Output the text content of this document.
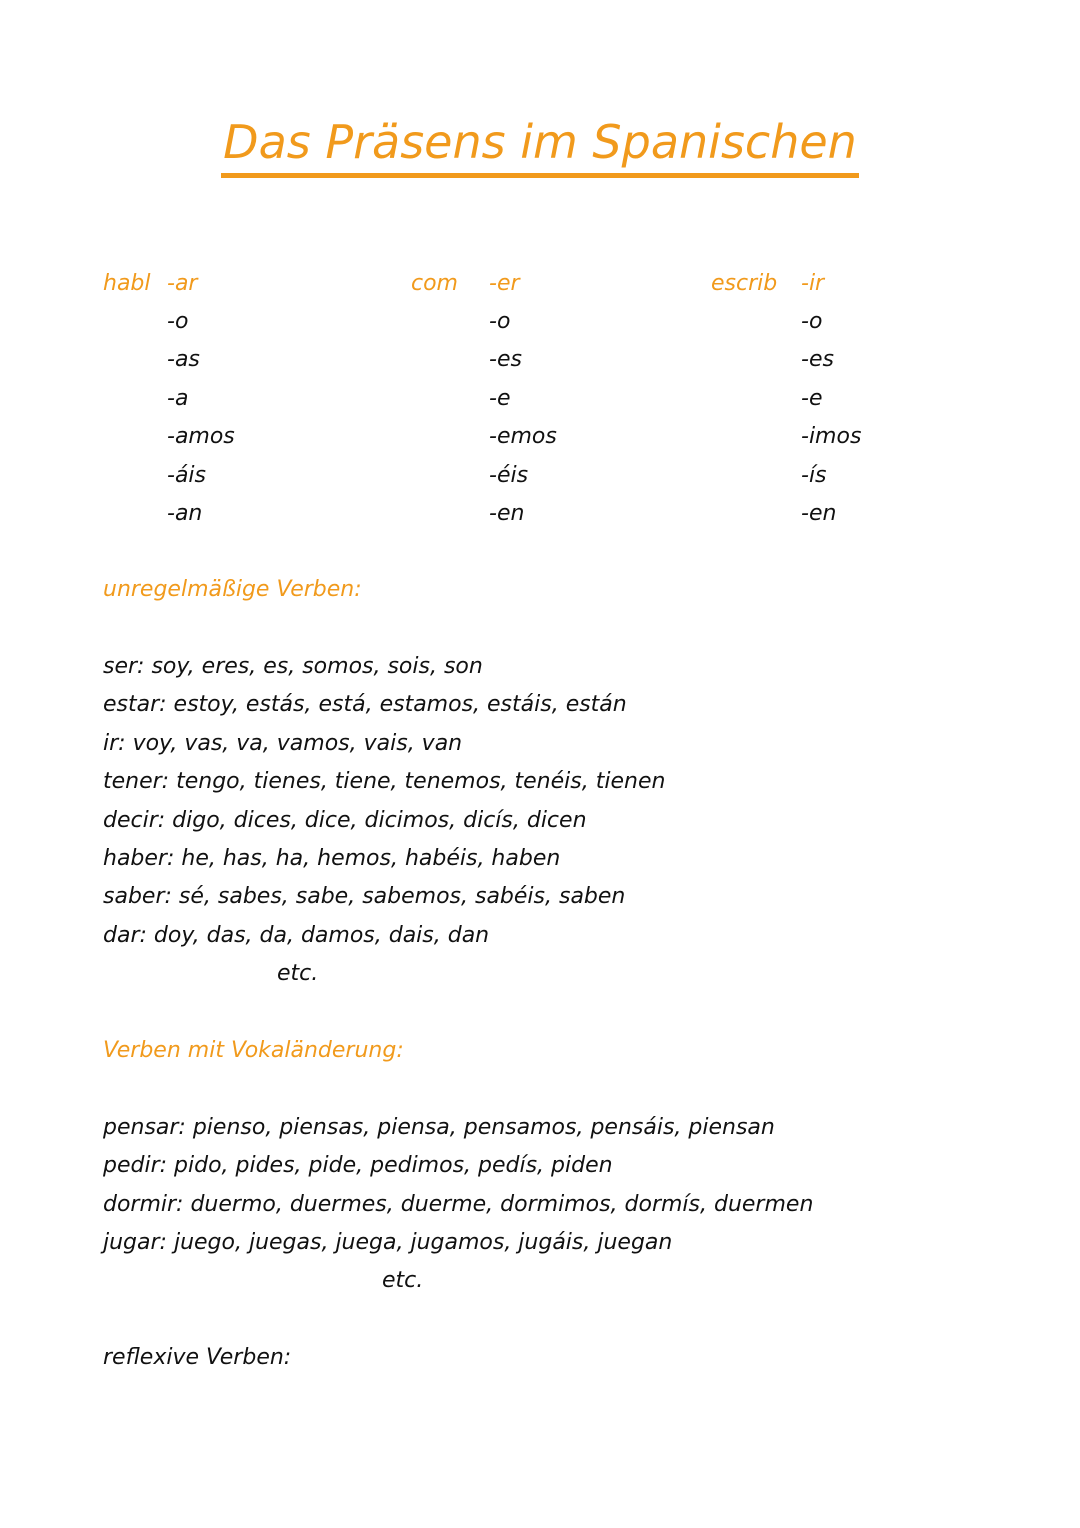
Das Präsens im Spanischen
habl -ar
-o
-as
-a
-amos
-áis
-an
com -er
-o
-es
-e
-emos
-éis
-en
escrib -ir
-o
-es
-e
-imos
-ís
-en
unregelmäßige Verben:
ser: soy, eres, es, somos, sois, son
estar: estoy, estás, está, estamos, estáis, están
ir: voy, vas, va, vamos, vais, van
tener: tengo, tienes, tiene, tenemos, tenéis, tienen
decir: digo, dices, dice, dicimos, dicís, dicen
haber: he, has, ha, hemos, habéis, haben
saber: sé, sabes, sabe, sabemos, sabéis, saben
dar: doy, das, da, damos, dais, dan
etc.
Verben mit Vokaländerung:
pensar: pienso, piensas, piensa, pensamos, pensáis, piensan
pedir: pido, pides, pide, pedimos, pedís, piden
dormir: duermo, duermes, duerme, dormimos, dormís, duermen
jugar: juego, juegas, juega, jugamos, jugáis, juegan
etc.
reflexive Verben:
